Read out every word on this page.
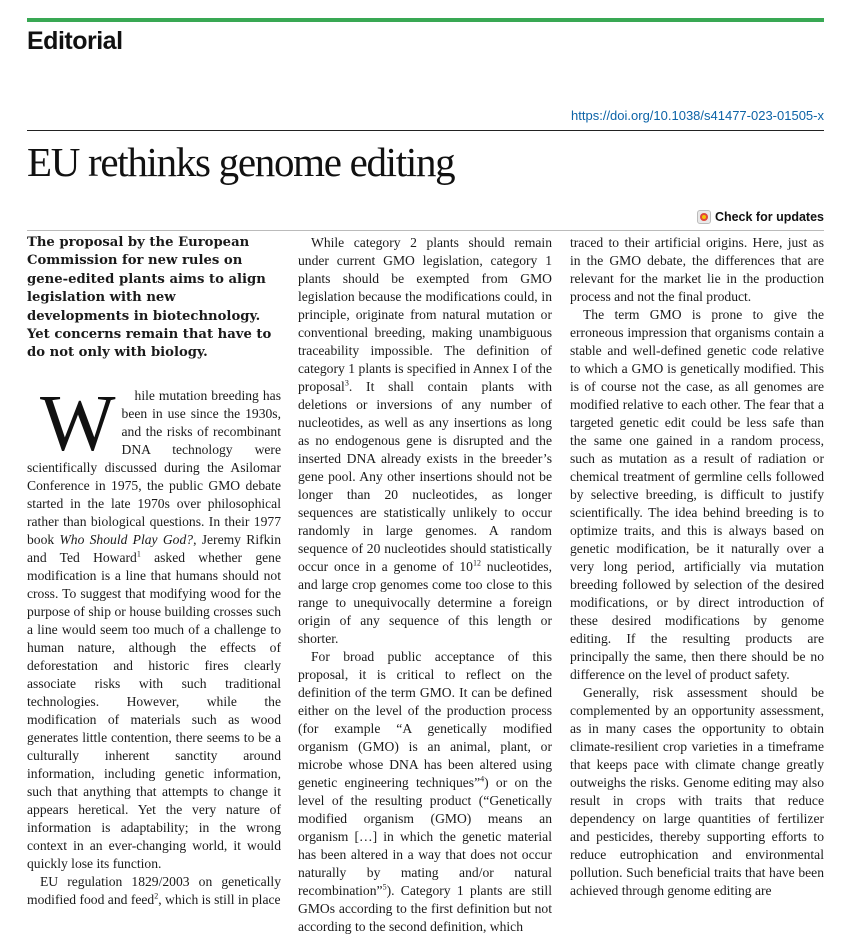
Editorial
https://doi.org/10.1038/s41477-023-01505-x
EU rethinks genome editing
Check for updates

The proposal by the European Commission for new rules on gene-edited plants aims to align legislation with new developments in biotechnology. Yet concerns remain that have to do not only with biology.

W hile mutation breeding has been in use since the 1930s, and the risks of recombinant DNA technology were scientifically discussed during the Asilomar Conference in 1975, the public GMO debate started in the late 1970s over philosophical rather than biological questions. In their 1977 book Who Should Play God?, Jeremy Rifkin and Ted Howard$^1$ asked whether gene modification is a line that humans should not cross. To suggest that modifying wood for the purpose of ship or house building crosses such a line would seem too much of a challenge to human nature, although the effects of deforestation and historic fires clearly associate risks with such traditional technologies. However, while the modification of materials such as wood generates little contention, there seems to be a culturally inherent sanctity around information, including genetic information, such that anything that attempts to change it appears heretical. Yet the very nature of information is adaptability; in the wrong context in an ever-changing world, it would quickly lose its function.

EU regulation 1829/2003 on genetically modified food and feed$^2$, which is still in place

While category 2 plants should remain under current GMO legislation, category 1 plants should be exempted from GMO legislation because the modifications could, in principle, originate from natural mutation or conventional breeding, making unambiguous traceability impossible. The definition of category 1 plants is specified in Annex I of the proposal$^3$. It shall contain plants with deletions or inversions of any number of nucleotides, as well as any insertions as long as no endogenous gene is disrupted and the inserted DNA already exists in the breeder’s gene pool. Any other insertions should not be longer than 20 nucleotides, as longer sequences are statistically unlikely to occur randomly in large genomes. A random sequence of 20 nucleotides should statistically occur once in a genome of $10^{12}$ nucleotides, and large crop genomes come too close to this range to unequivocally determine a foreign origin of any sequence of this length or shorter.

For broad public acceptance of this proposal, it is critical to reflect on the definition of the term GMO. It can be defined either on the level of the production process (for example “A genetically modified organism (GMO) is an animal, plant, or microbe whose DNA has been altered using genetic engineering techniques”$^4$) or on the level of the resulting product (“Genetically modified organism (GMO) means an organism […] in which the genetic material has been altered in a way that does not occur naturally by mating and/or natural recombination”$^5$). Category 1 plants are still GMOs according to the first definition but not according to the second definition, which

traced to their artificial origins. Here, just as in the GMO debate, the differences that are relevant for the market lie in the production process and not the final product.

The term GMO is prone to give the erroneous impression that organisms contain a stable and well-defined genetic code relative to which a GMO is genetically modified. This is of course not the case, as all genomes are modified relative to each other. The fear that a targeted genetic edit could be less safe than the same one gained in a random process, such as mutation as a result of radiation or chemical treatment of germline cells followed by selective breeding, is difficult to justify scientifically. The idea behind breeding is to optimize traits, and this is always based on genetic modification, be it naturally over a very long period, artificially via mutation breeding followed by selection of the desired modifications, or by direct introduction of these desired modifications by genome editing. If the resulting products are principally the same, then there should be no difference on the level of product safety.

Generally, risk assessment should be complemented by an opportunity assessment, as in many cases the opportunity to obtain climate-resilient crop varieties in a timeframe that keeps pace with climate change greatly outweighs the risks. Genome editing may also result in crops with traits that reduce dependency on large quantities of fertilizer and pesticides, thereby supporting efforts to reduce eutrophication and environmental pollution. Such beneficial traits that have been achieved through genome editing are
